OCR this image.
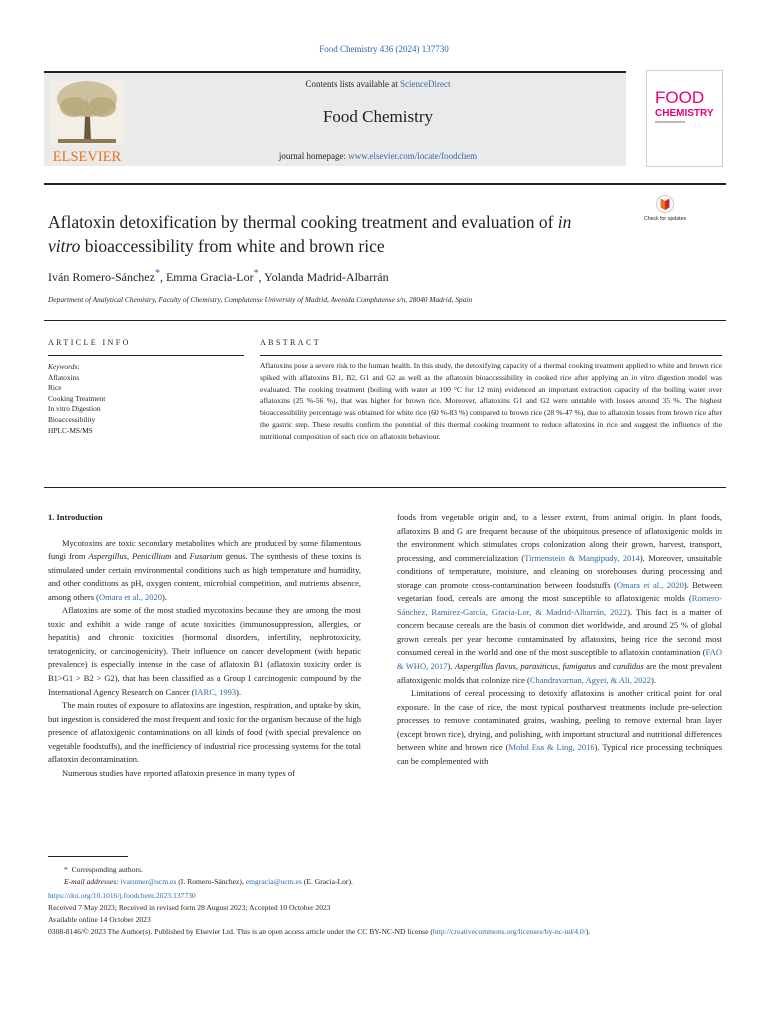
Food Chemistry 436 (2024) 137730
ELSEVIER
Contents lists available at ScienceDirect
Food Chemistry
journal homepage: www.elsevier.com/locate/foodchem
FOOD
CHEMISTRY
Aflatoxin detoxification by thermal cooking treatment and evaluation of in vitro bioaccessibility from white and brown rice
Check for updates
Iván Romero-Sánchez*, Emma Gracia-Lor*, Yolanda Madrid-Albarrán
Department of Analytical Chemistry, Faculty of Chemistry, Complutense University of Madrid, Avenida Complutense s/n, 28040 Madrid, Spain
ARTICLE INFO	ABSTRACT
Keywords:
Aflatoxins
Rice
Cooking Treatment
In vitro Digestion
Bioaccessibility
HPLC-MS/MS
Aflatoxins pose a severe risk to the human health. In this study, the detoxifying capacity of a thermal cooking treatment applied to white and brown rice spiked with aflatoxins B1, B2, G1 and G2 as well as the aflatoxin bioaccessibility in cooked rice after applying an in vitro digestion model was evaluated. The cooking treatment (boiling with water at 100 °C for 12 min) evidenced an important extraction capacity of the boiling water over aflatoxins (25 %-56 %), that was higher for brown rice. Moreover, aflatoxins G1 and G2 were unstable with losses around 35 %. The highest bioaccessibility percentage was obtained for white rice (60 %-83 %) compared to brown rice (28 %-47 %), due to aflatoxin losses from brown rice after the gastric step. These results confirm the potential of this thermal cooking treatment to reduce aflatoxins in rice and suggest the influence of the nutritional composition of each rice on aflatoxin behaviour.
1. Introduction

Mycotoxins are toxic secondary metabolites which are produced by some filamentous fungi from Aspergillus, Penicillium and Fusarium genus. The synthesis of these toxins is stimulated under certain environmental conditions such as high temperature and humidity, and other conditions as pH, oxygen content, microbial competition, and nutrients absence, among others (Omara et al., 2020).

Aflatoxins are some of the most studied mycotoxins because they are among the most toxic and exhibit a wide range of acute toxicities (immunosuppression, allergies, or hepatitis) and chronic toxicities (hormonal disorders, infertility, nephrotoxicity, teratogenicity, or carcinogenicity). Their influence on cancer development (with hepatic prevalence) is especially intense in the case of aflatoxin B1 (aflatoxin toxicity order is B1>G1 > B2 > G2), that has been classified as a Group I carcinogenic compound by the International Agency Research on Cancer (IARC, 1993).

The main routes of exposure to aflatoxins are ingestion, respiration, and uptake by skin, but ingestion is considered the most frequent and toxic for the organism because of the high presence of aflatoxigenic contaminations on all kinds of food (with special prevalence on vegetable foodstuffs), and the inefficiency of industrial rice processing systems for the total aflatoxin decontamination.

Numerous studies have reported aflatoxin presence in many types of

foods from vegetable origin and, to a lesser extent, from animal origin. In plant foods, aflatoxins B and G are frequent because of the ubiquitous presence of aflatoxigenic molds in the environment which stimulates crops colonization along their grown, harvest, transport, processing, and commercialization (Tirmenstein & Mangipudy, 2014). Moreover, unsuitable conditions of temperature, moisture, and cleaning on storehouses during processing and storage can promote cross-contamination between foodstuffs (Omara et al., 2020). Between vegetarian food, cereals are among the most susceptible to aflatoxigenic molds (Romero-Sánchez, Ramírez-García, Gracia-Lor, & Madrid-Albarrán, 2022). This fact is a matter of concern because cereals are the basis of common diet worldwide, and around 25 % of global grown cereals per year become contaminated by aflatoxins, being rice the second most consumed cereal in the world and one of the most susceptible to aflatoxin contamination (FAO & WHO, 2017). Aspergillus flavus, parasiticus, fumigatus and candidus are the most prevalent aflatoxigenic molds that colonize rice (Chandravarnan, Agyei, & Ali, 2022).

Limitations of cereal processing to detoxify aflatoxins is another critical point for oral exposure. In the case of rice, the most typical postharvest treatments include pre-selection processes to remove contaminated grains, washing, peeling to remove external bran layer (except brown rice), drying, and polishing, with important structural and nutritional differences between white and brown rice (Mohd Esa & Ling, 2016). Typical rice processing techniques can be complemented with

* Corresponding authors.
E-mail addresses: ivaromer@ucm.es (I. Romero-Sánchez), emgracia@ucm.es (E. Gracia-Lor).
https://doi.org/10.1016/j.foodchem.2023.137730
Received 7 May 2023; Received in revised form 28 August 2023; Accepted 10 October 2023
Available online 14 October 2023
0308-8146/© 2023 The Author(s). Published by Elsevier Ltd. This is an open access article under the CC BY-NC-ND license (http://creativecommons.org/licenses/by-nc-nd/4.0/).
